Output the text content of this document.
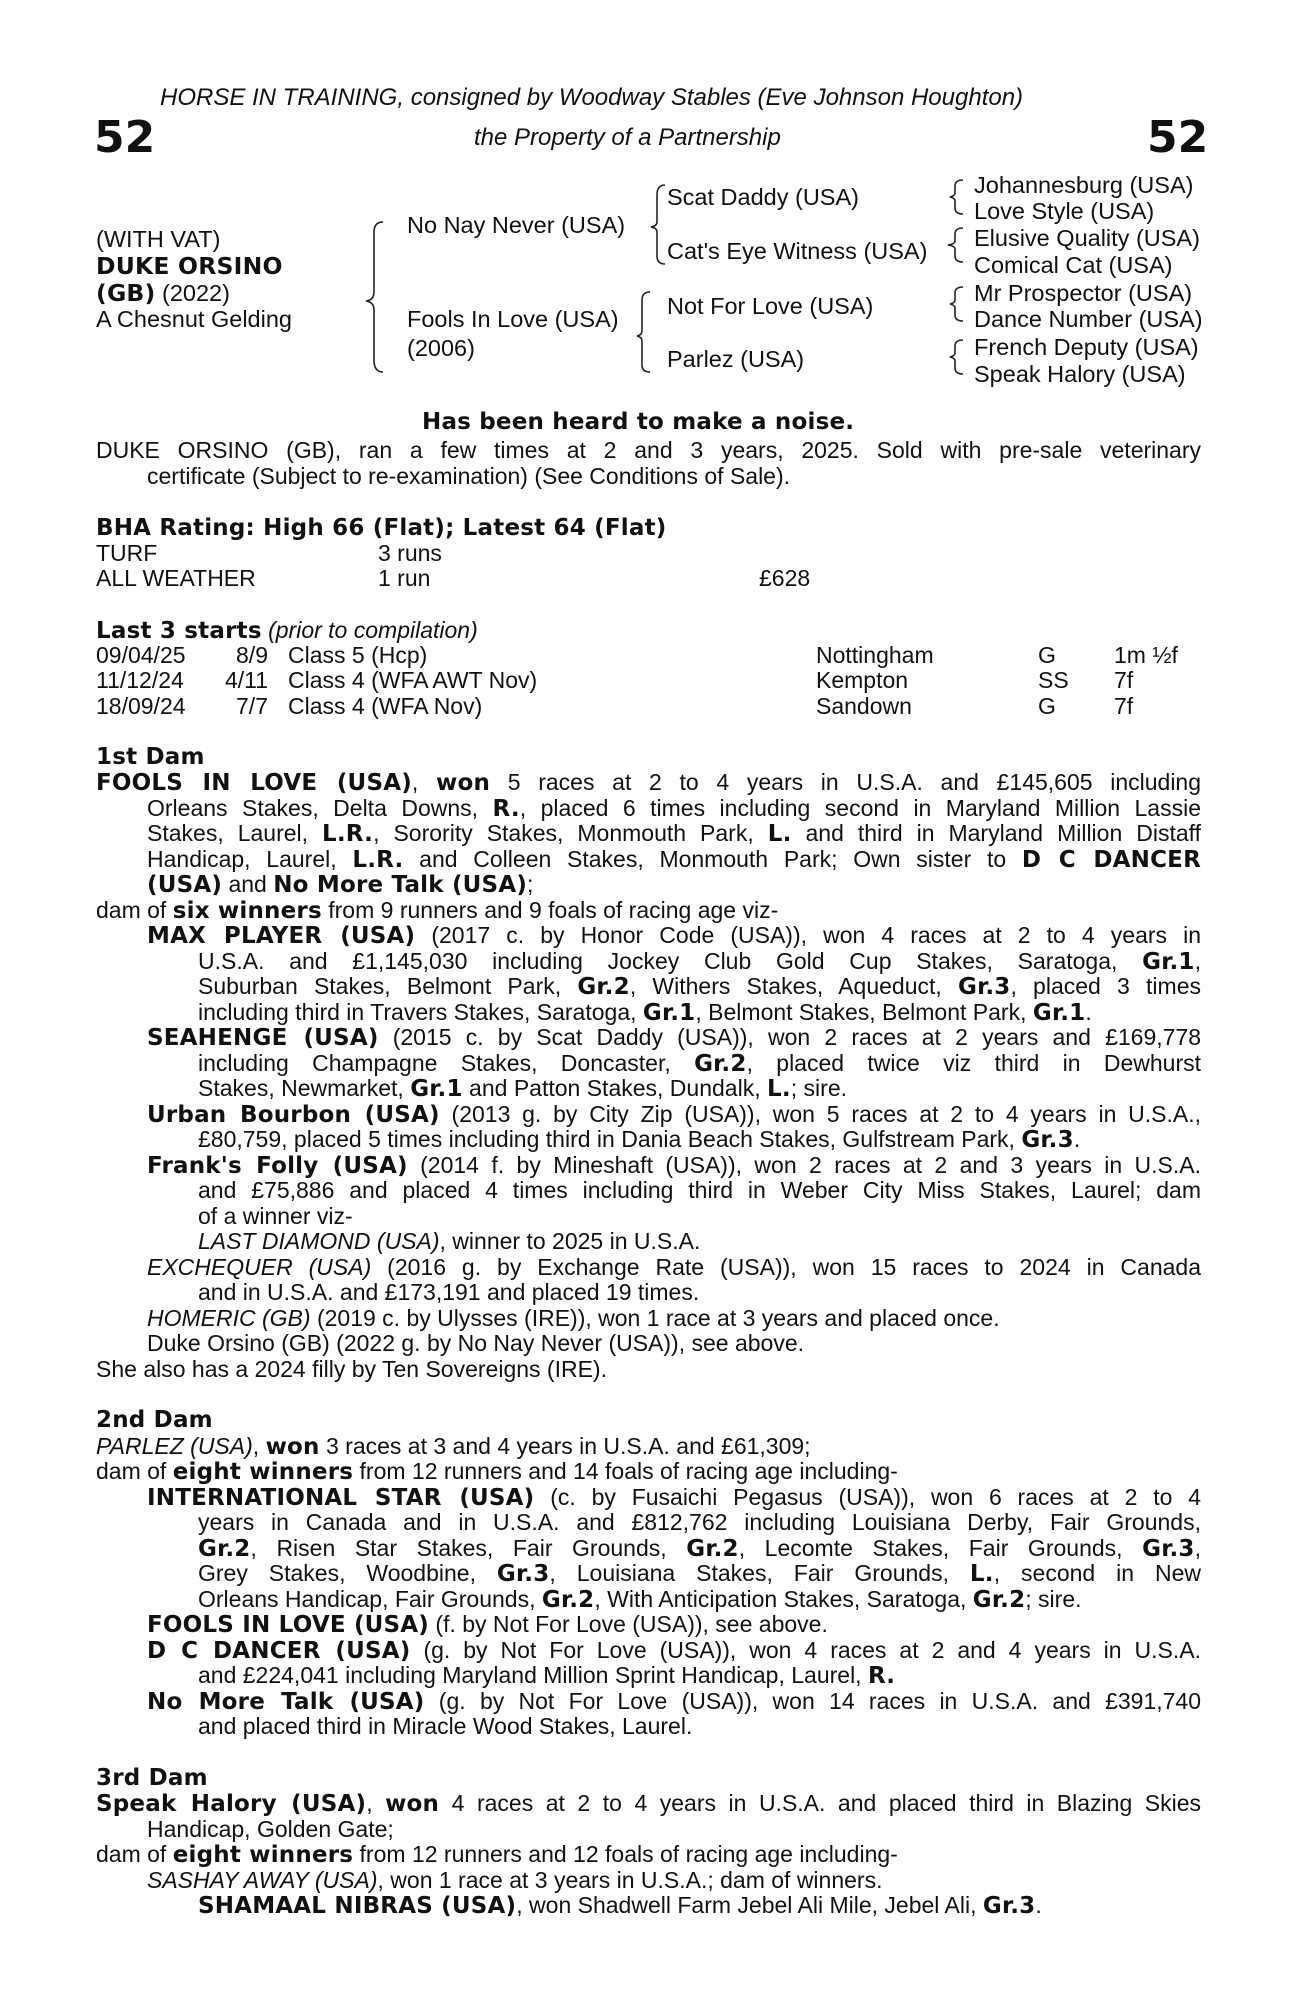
HORSE IN TRAINING, consigned by Woodway Stables (Eve Johnson Houghton)
52	the Property of a Partnership	52
(WITH VAT)
DUKE ORSINO
(GB) (2022)
A Chesnut Gelding
No Nay Never (USA)
Fools In Love (USA)
(2006)
Scat Daddy (USA)
Cat's Eye Witness (USA)
Not For Love (USA)
Parlez (USA)
Johannesburg (USA)
Love Style (USA)
Elusive Quality (USA)
Comical Cat (USA)
Mr Prospector (USA)
Dance Number (USA)
French Deputy (USA)
Speak Halory (USA)
Has been heard to make a noise.
DUKE ORSINO (GB), ran a few times at 2 and 3 years, 2025. Sold with pre-sale veterinary
certificate (Subject to re-examination) (See Conditions of Sale).
BHA Rating: High 66 (Flat); Latest 64 (Flat)
TURF	3 runs
ALL WEATHER	1 run	£628
Last 3 starts (prior to compilation)
09/04/25	8/9 Class 5 (Hcp)	Nottingham	G	1m ½f
11/12/24	4/11 Class 4 (WFA AWT Nov)	Kempton	SS 7f
18/09/24	7/7 Class 4 (WFA Nov)	Sandown	G	7f
1st Dam
FOOLS IN LOVE (USA), won 5 races at 2 to 4 years in U.S.A. and £145,605 including
Orleans Stakes, Delta Downs, R., placed 6 times including second in Maryland Million Lassie
Stakes, Laurel, L.R., Sorority Stakes, Monmouth Park, L. and third in Maryland Million Distaff
Handicap, Laurel, L.R. and Colleen Stakes, Monmouth Park; Own sister to D C DANCER
(USA) and No More Talk (USA);
dam of six winners from 9 runners and 9 foals of racing age viz-
MAX PLAYER (USA) (2017 c. by Honor Code (USA)), won 4 races at 2 to 4 years in
U.S.A. and £1,145,030 including Jockey Club Gold Cup Stakes, Saratoga, Gr.1,
Suburban Stakes, Belmont Park, Gr.2, Withers Stakes, Aqueduct, Gr.3, placed 3 times
including third in Travers Stakes, Saratoga, Gr.1, Belmont Stakes, Belmont Park, Gr.1.
SEAHENGE (USA) (2015 c. by Scat Daddy (USA)), won 2 races at 2 years and £169,778
including Champagne Stakes, Doncaster, Gr.2, placed twice viz third in Dewhurst
Stakes, Newmarket, Gr.1 and Patton Stakes, Dundalk, L.; sire.
Urban Bourbon (USA) (2013 g. by City Zip (USA)), won 5 races at 2 to 4 years in U.S.A.,
£80,759, placed 5 times including third in Dania Beach Stakes, Gulfstream Park, Gr.3.
Frank's Folly (USA) (2014 f. by Mineshaft (USA)), won 2 races at 2 and 3 years in U.S.A.
and £75,886 and placed 4 times including third in Weber City Miss Stakes, Laurel; dam
of a winner viz-
LAST DIAMOND (USA), winner to 2025 in U.S.A.
EXCHEQUER (USA) (2016 g. by Exchange Rate (USA)), won 15 races to 2024 in Canada
and in U.S.A. and £173,191 and placed 19 times.
HOMERIC (GB) (2019 c. by Ulysses (IRE)), won 1 race at 3 years and placed once.
Duke Orsino (GB) (2022 g. by No Nay Never (USA)), see above.
She also has a 2024 filly by Ten Sovereigns (IRE).
2nd Dam
PARLEZ (USA), won 3 races at 3 and 4 years in U.S.A. and £61,309;
dam of eight winners from 12 runners and 14 foals of racing age including-
INTERNATIONAL STAR (USA) (c. by Fusaichi Pegasus (USA)), won 6 races at 2 to 4
years in Canada and in U.S.A. and £812,762 including Louisiana Derby, Fair Grounds,
Gr.2, Risen Star Stakes, Fair Grounds, Gr.2, Lecomte Stakes, Fair Grounds, Gr.3,
Grey Stakes, Woodbine, Gr.3, Louisiana Stakes, Fair Grounds, L., second in New
Orleans Handicap, Fair Grounds, Gr.2, With Anticipation Stakes, Saratoga, Gr.2; sire.
FOOLS IN LOVE (USA) (f. by Not For Love (USA)), see above.
D C DANCER (USA) (g. by Not For Love (USA)), won 4 races at 2 and 4 years in U.S.A.
and £224,041 including Maryland Million Sprint Handicap, Laurel, R.
No More Talk (USA) (g. by Not For Love (USA)), won 14 races in U.S.A. and £391,740
and placed third in Miracle Wood Stakes, Laurel.
3rd Dam
Speak Halory (USA), won 4 races at 2 to 4 years in U.S.A. and placed third in Blazing Skies
Handicap, Golden Gate;
dam of eight winners from 12 runners and 12 foals of racing age including-
SASHAY AWAY (USA), won 1 race at 3 years in U.S.A.; dam of winners.
SHAMAAL NIBRAS (USA), won Shadwell Farm Jebel Ali Mile, Jebel Ali, Gr.3.
